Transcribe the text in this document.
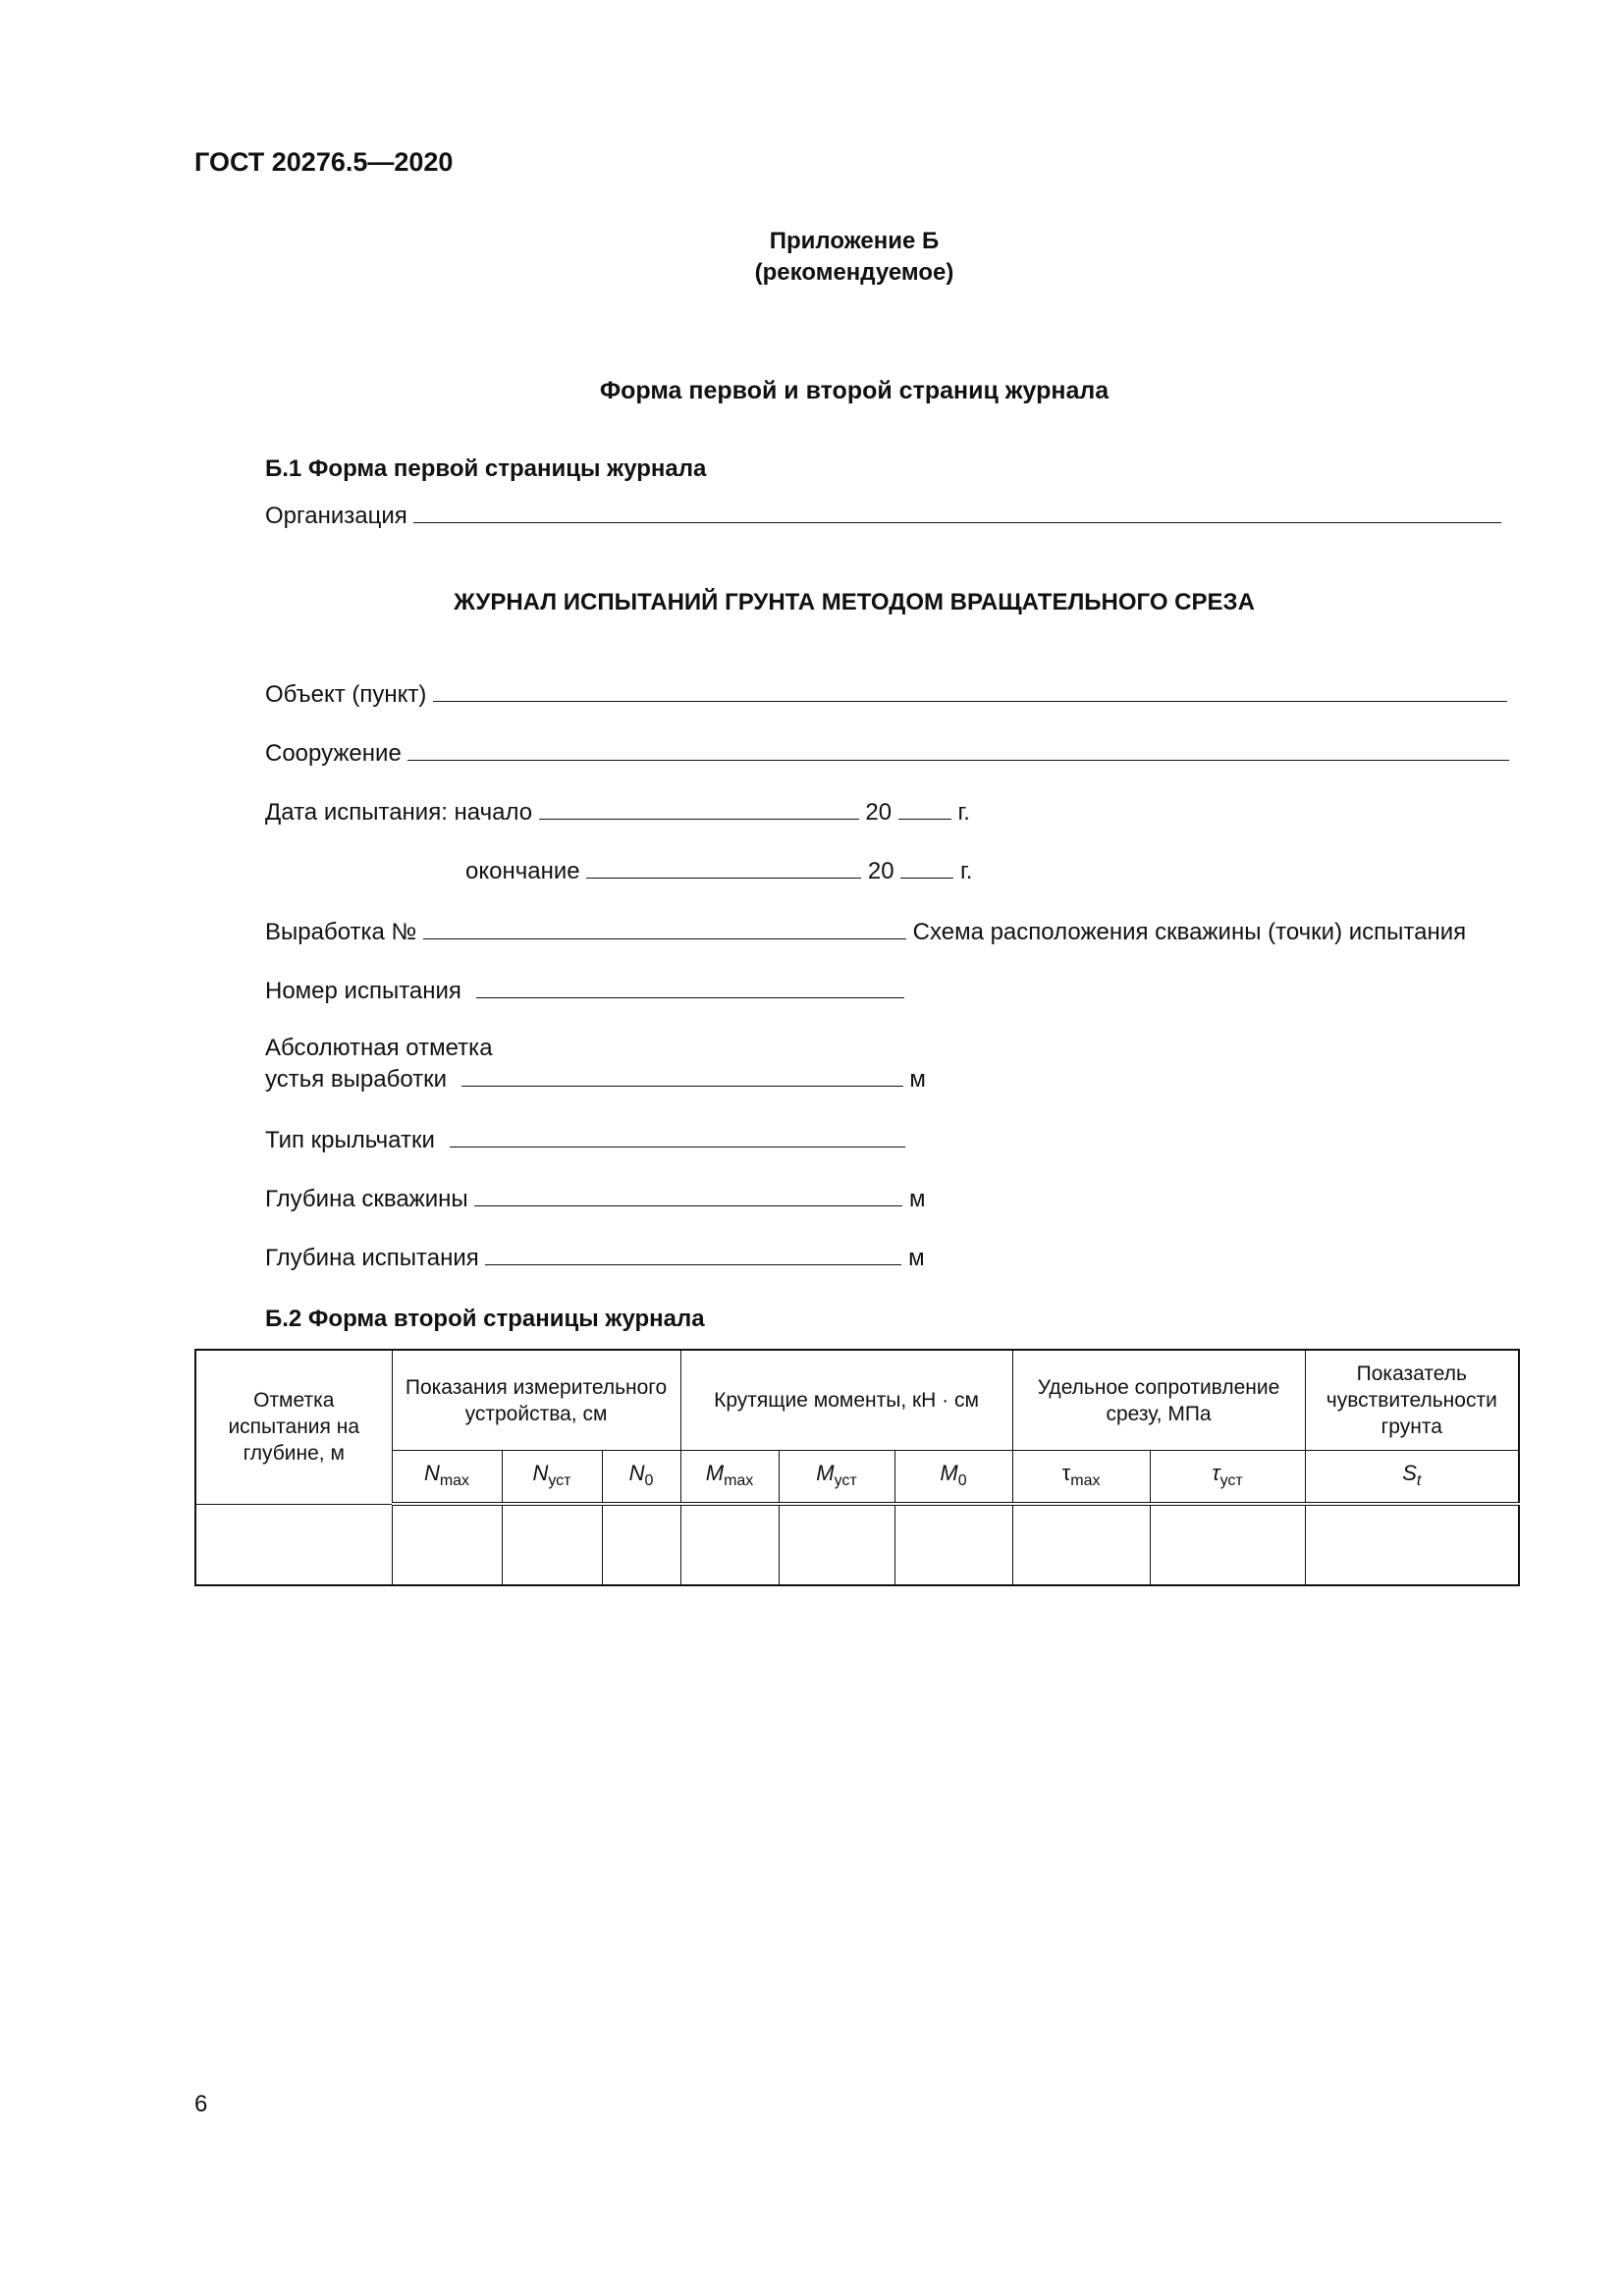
ГОСТ 20276.5—2020
Приложение Б
(рекомендуемое)
Форма первой и второй страниц журнала
Б.1 Форма первой страницы журнала
Организация
ЖУРНАЛ ИСПЫТАНИЙ ГРУНТА МЕТОДОМ ВРАЩАТЕЛЬНОГО СРЕЗА
Объект (пункт)
Сооружение
Дата испытания: начало	20	г.
окончание	20	г.
Выработка №	Схема расположения скважины (точки) испытания
Номер испытания
Абсолютная отметка
устья выработки	м
Тип крыльчатки
Глубина скважины	м
Глубина испытания	м
Б.2 Форма второй страницы журнала
Отметка испытания на глубине, м	Показания измерительного устройства, см			Крутящие моменты, кН · см			Удельное сопротивление срезу, МПа		Показатель чувствительности грунта
	$N_{max}$	$N_{уст}$	$N_0$	$M_{max}$	$M_{уст}$	$M_0$	$\tau_{max}$	$\tau_{уст}$	$S_t$

6
